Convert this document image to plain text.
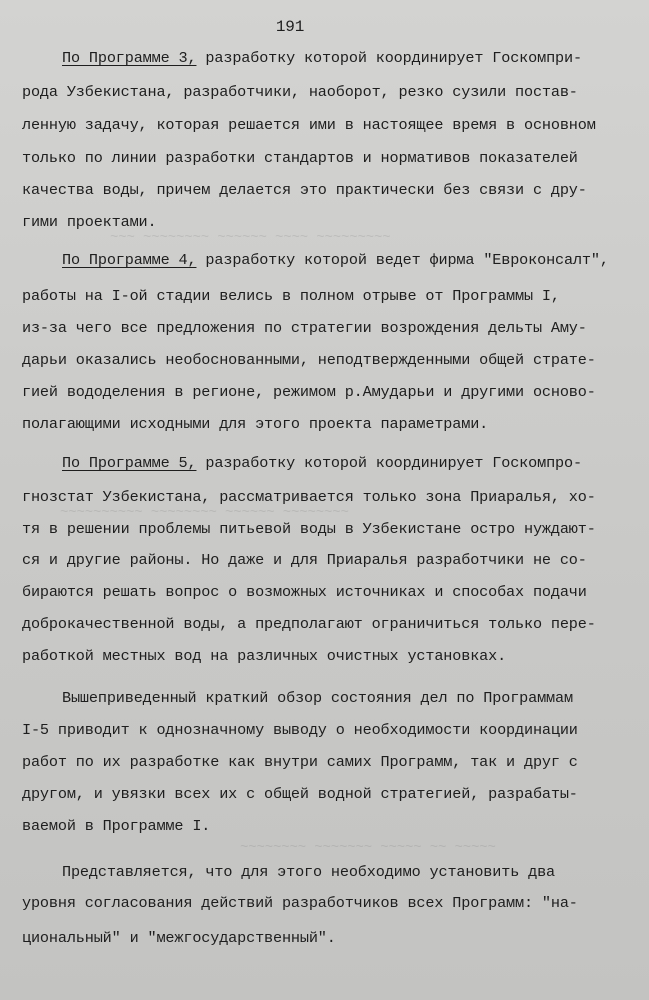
~~~ ~~~~~~~~ ~~~~~~ ~~~~ ~~~~~~~~~
~~~~~~~~~~ ~~~~~~~~ ~~~~~~ ~~~~~~~~
~~~~~~~~ ~~~~~~~ ~~~~~ ~~ ~~~~~
191
По Программе 3, разработку которой координирует Госкомпри-
рода Узбекистана, разработчики, наоборот, резко сузили постав-
ленную задачу, которая решается ими в настоящее время в основном
только по линии разработки стандартов и нормативов показателей
качества воды, причем делается это практически без связи с дру-
гими проектами.
По Программе 4, разработку которой ведет фирма "Евроконсалт",
работы на I-ой стадии велись в полном отрыве от Программы I,
из-за чего все предложения по стратегии возрождения дельты Аму-
дарьи оказались необоснованными, неподтвержденными общей страте-
гией вододеления в регионе, режимом р.Амударьи и другими осново-
полагающими исходными для этого проекта параметрами.
По Программе 5, разработку которой координирует Госкомпро-
гнозстат Узбекистана, рассматривается только зона Приаралья, хо-
тя в решении проблемы питьевой воды в Узбекистане остро нуждают-
ся и другие районы. Но даже и для Приаралья разработчики не со-
бираются решать вопрос о возможных источниках и способах подачи
доброкачественной воды, а предполагают ограничиться только пере-
работкой местных вод на различных очистных установках.
Вышеприведенный краткий обзор состояния дел по Программам
I-5 приводит к однозначному выводу о необходимости координации
работ по их разработке как внутри самих Программ, так и друг с
другом, и увязки всех их с общей водной стратегией, разрабаты-
ваемой в Программе I.
Представляется, что для этого необходимо установить два
уровня согласования действий разработчиков всех Программ: "на-
циональный" и "межгосударственный".
